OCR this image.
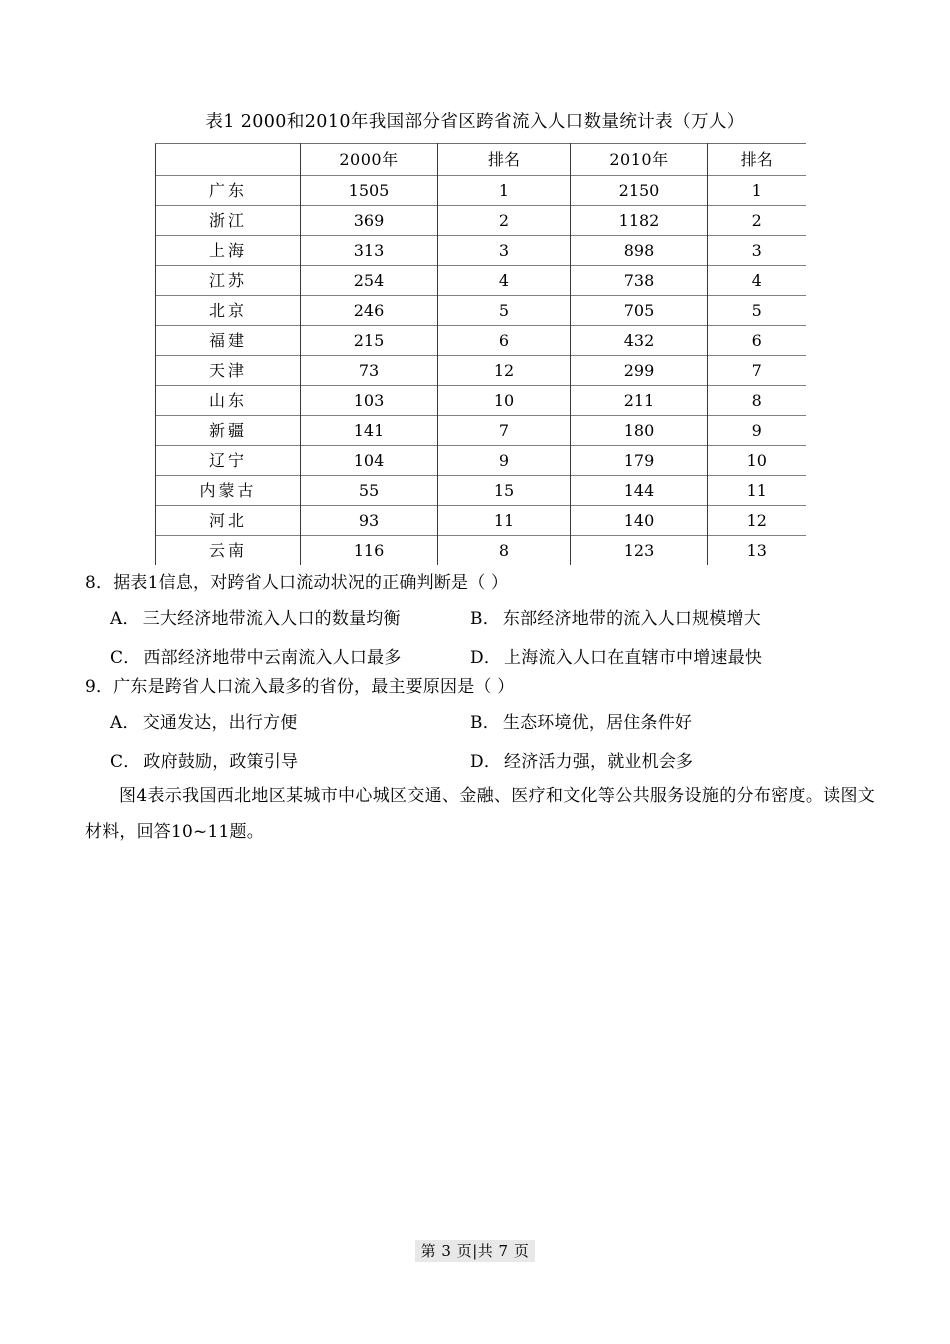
表1 2000和2010年我国部分省区跨省流入人口数量统计表（万人）
	2000年	排名	2010年	排名
广东	1505	1	2150	1
浙江	369	2	1182	2
上海	313	3	898	3
江苏	254	4	738	4
北京	246	5	705	5
福建	215	6	432	6
天津	73	12	299	7
山东	103	10	211	8
新疆	141	7	180	9
辽宁	104	9	179	10
内蒙古	55	15	144	11
河北	93	11	140	12
云南	116	8	123	13
8．据表1信息，对跨省人口流动状况的正确判断是（ ）
A． 三大经济地带流入人口的数量均衡	B． 东部经济地带的流入人口规模增大
C． 西部经济地带中云南流入人口最多	D． 上海流入人口在直辖市中增速最快
9．广东是跨省人口流入最多的省份，最主要原因是（ ）
A． 交通发达，出行方便	B． 生态环境优，居住条件好
C． 政府鼓励，政策引导	D． 经济活力强，就业机会多
图4表示我国西北地区某城市中心城区交通、金融、医疗和文化等公共服务设施的分布密度。读图文材料，回答10~11题。
第 3 页|共 7 页
